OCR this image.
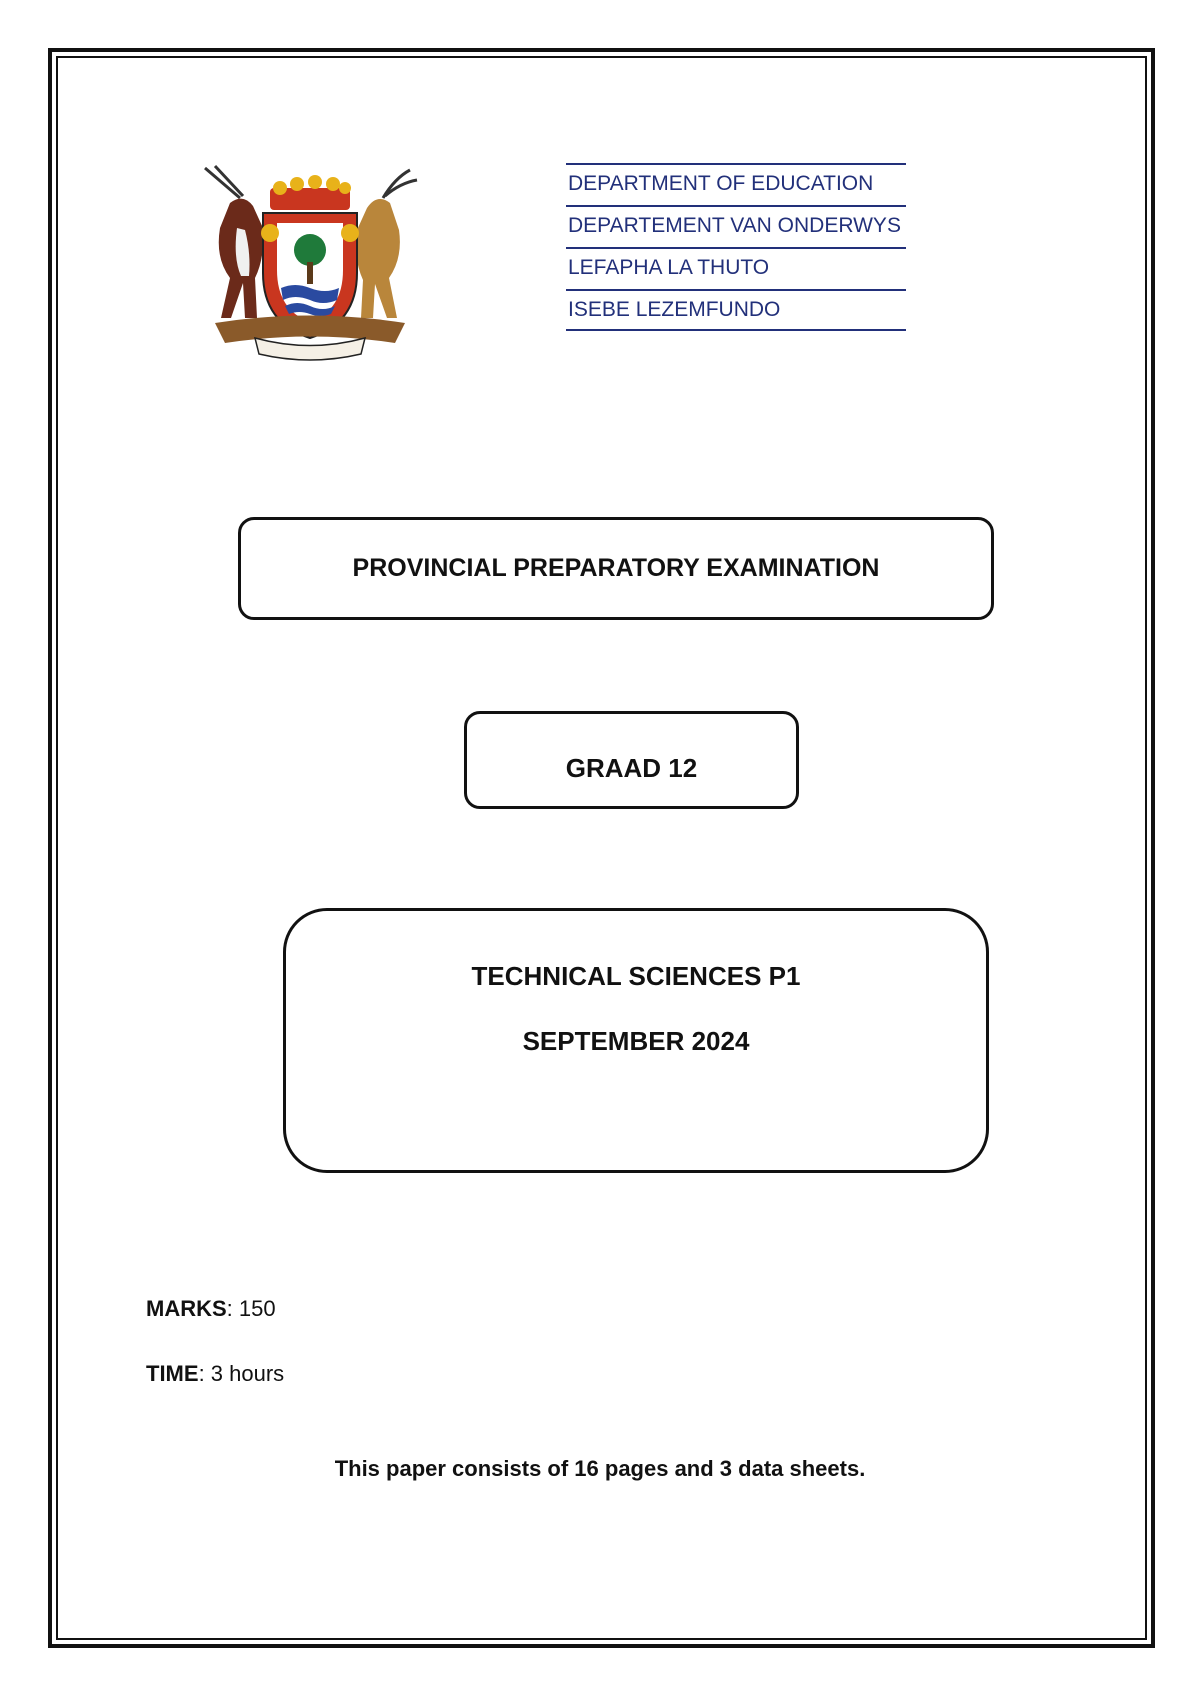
DEPARTMENT OF EDUCATION
DEPARTEMENT VAN ONDERWYS
LEFAPHA LA THUTO
ISEBE LEZEMFUNDO
PROVINCIAL PREPARATORY EXAMINATION
GRAAD 12
TECHNICAL SCIENCES P1
SEPTEMBER 2024
MARKS: 150
TIME: 3 hours
This paper consists of 16 pages and 3 data sheets.
